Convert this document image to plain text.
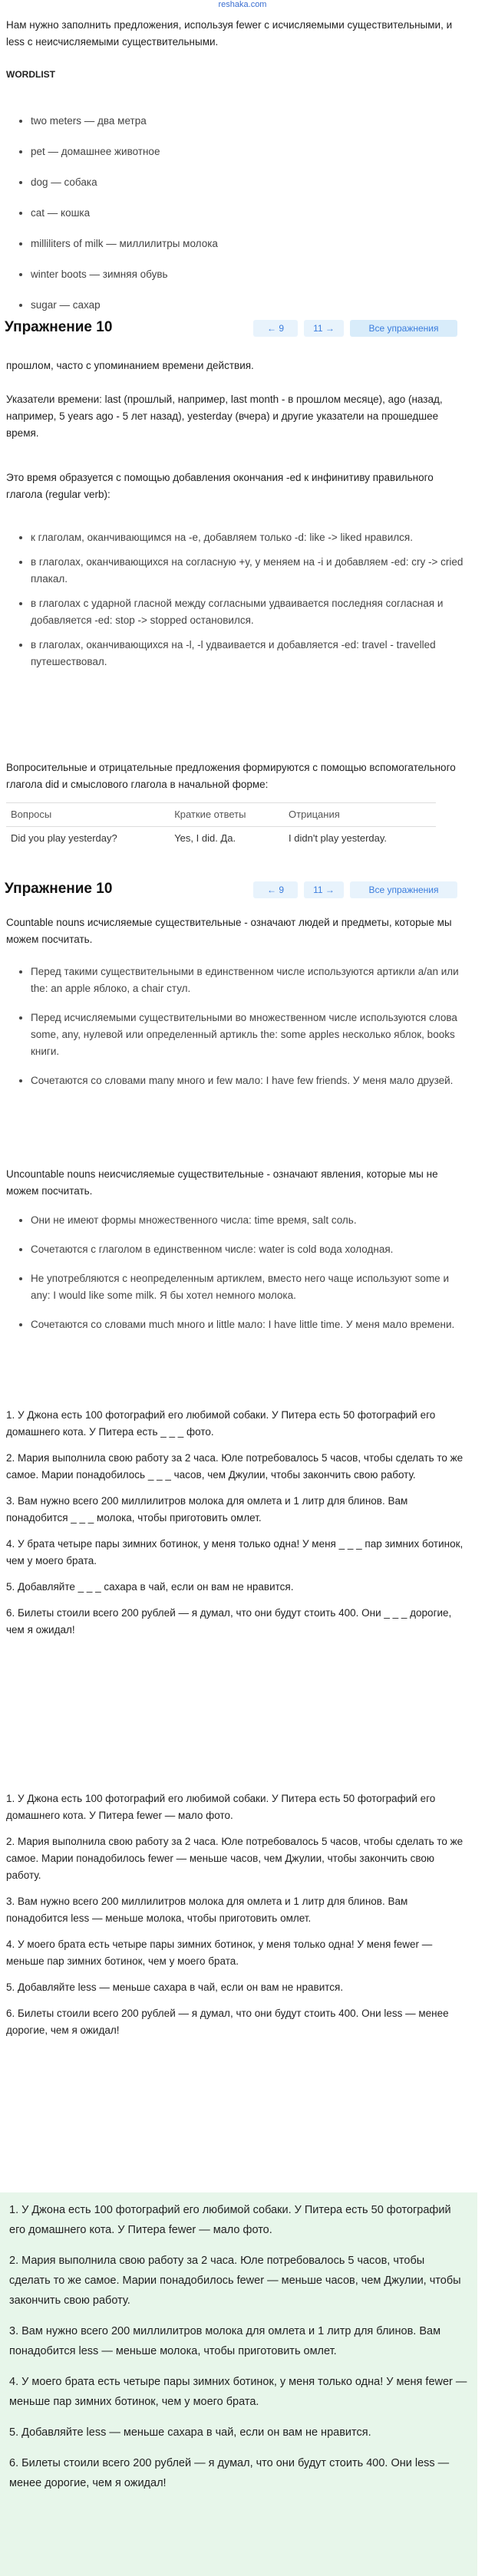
reshaka.com

Нам нужно заполнить предложения, используя fewer с исчисляемыми существительными, и less с неисчисляемыми существительными.

WORDLIST
• two meters — два метра
• pet — домашнее животное
• dog — собака
• cat — кошка
• milliliters of milk — миллилитры молока
• winter boots — зимняя обувь
• sugar — сахар
Упражнение 10	← 9	11 →	Все упражнения

прошлом, часто с упоминанием времени действия.

Указатели времени: last (прошлый, например, last month - в прошлом месяце), ago (назад, например, 5 years ago - 5 лет назад), yesterday (вчера) и другие указатели на прошедшее время.

Это время образуется с помощью добавления окончания -ed к инфинитиву правильного глагола (regular verb):

• к глаголам, оканчивающимся на -e, добавляем только -d: like -> liked нравился.
• в глаголах, оканчивающихся на согласную +y, у меняем на -i и добавляем -ed: cry -> cried плакал.
• в глаголах с ударной гласной между согласными удваивается последняя согласная и добавляется -ed: stop -> stopped остановился.
• в глаголах, оканчивающихся на -l, -l удваивается и добавляется -ed: travel - travelled путешествовал.

Вопросительные и отрицательные предложения формируются с помощью вспомогательного глагола did и смыслового глагола в начальной форме:

Вопросы	Краткие ответы	Отрицания
Did you play yesterday?	Yes, I did. Да.	I didn't play yesterday.
Упражнение 10	← 9	11 →	Все упражнения

Countable nouns исчисляемые существительные - означают людей и предметы, которые мы можем посчитать.

• Перед такими существительными в единственном числе используются артикли a/an или the: an apple яблоко, a chair стул.
• Перед исчисляемыми существительными во множественном числе используются слова some, any, нулевой или определенный артикль the: some apples несколько яблок, books книги.
• Сочетаются со словами many много и few мало: I have few friends. У меня мало друзей.

Uncountable nouns неисчисляемые существительные - означают явления, которые мы не можем посчитать.

• Они не имеют формы множественного числа: time время, salt соль.
• Сочетаются с глаголом в единственном числе: water is cold вода холодная.
• Не употребляются с неопределенным артиклем, вместо него чаще используют some и any: I would like some milk. Я бы хотел немного молока.
• Сочетаются со словами much много и little мало: I have little time. У меня мало времени.

1. У Джона есть 100 фотографий его любимой собаки. У Питера есть 50 фотографий его домашнего кота. У Питера есть _ _ _ фото.

2. Мария выполнила свою работу за 2 часа. Юле потребовалось 5 часов, чтобы сделать то же самое. Марии понадобилось _ _ _ часов, чем Джулии, чтобы закончить свою работу.

3. Вам нужно всего 200 миллилитров молока для омлета и 1 литр для блинов. Вам понадобится _ _ _ молока, чтобы приготовить омлет.

4. У брата четыре пары зимних ботинок, у меня только одна! У меня _ _ _ пар зимних ботинок, чем у моего брата.

5. Добавляйте _ _ _ сахара в чай, если он вам не нравится.

6. Билеты стоили всего 200 рублей — я думал, что они будут стоить 400. Они _ _ _ дорогие, чем я ожидал!

1. У Джона есть 100 фотографий его любимой собаки. У Питера есть 50 фотографий его домашнего кота. У Питера fewer — мало фото.

2. Мария выполнила свою работу за 2 часа. Юле потребовалось 5 часов, чтобы сделать то же самое. Марии понадобилось fewer — меньше часов, чем Джулии, чтобы закончить свою работу.

3. Вам нужно всего 200 миллилитров молока для омлета и 1 литр для блинов. Вам понадобится less — меньше молока, чтобы приготовить омлет.

4. У моего брата есть четыре пары зимних ботинок, у меня только одна! У меня fewer — меньше пар зимних ботинок, чем у моего брата.

5. Добавляйте less — меньше сахара в чай, если он вам не нравится.

6. Билеты стоили всего 200 рублей — я думал, что они будут стоить 400. Они less — менее дорогие, чем я ожидал!

1. У Джона есть 100 фотографий его любимой собаки. У Питера есть 50 фотографий его домашнего кота. У Питера fewer — мало фото.

2. Мария выполнила свою работу за 2 часа. Юле потребовалось 5 часов, чтобы сделать то же самое. Марии понадобилось fewer — меньше часов, чем Джулии, чтобы закончить свою работу.

3. Вам нужно всего 200 миллилитров молока для омлета и 1 литр для блинов. Вам понадобится less — меньше молока, чтобы приготовить омлет.

4. У моего брата есть четыре пары зимних ботинок, у меня только одна! У меня fewer — меньше пар зимних ботинок, чем у моего брата.

5. Добавляйте less — меньше сахара в чай, если он вам не нравится.

6. Билеты стоили всего 200 рублей — я думал, что они будут стоить 400. Они less — менее дорогие, чем я ожидал!
